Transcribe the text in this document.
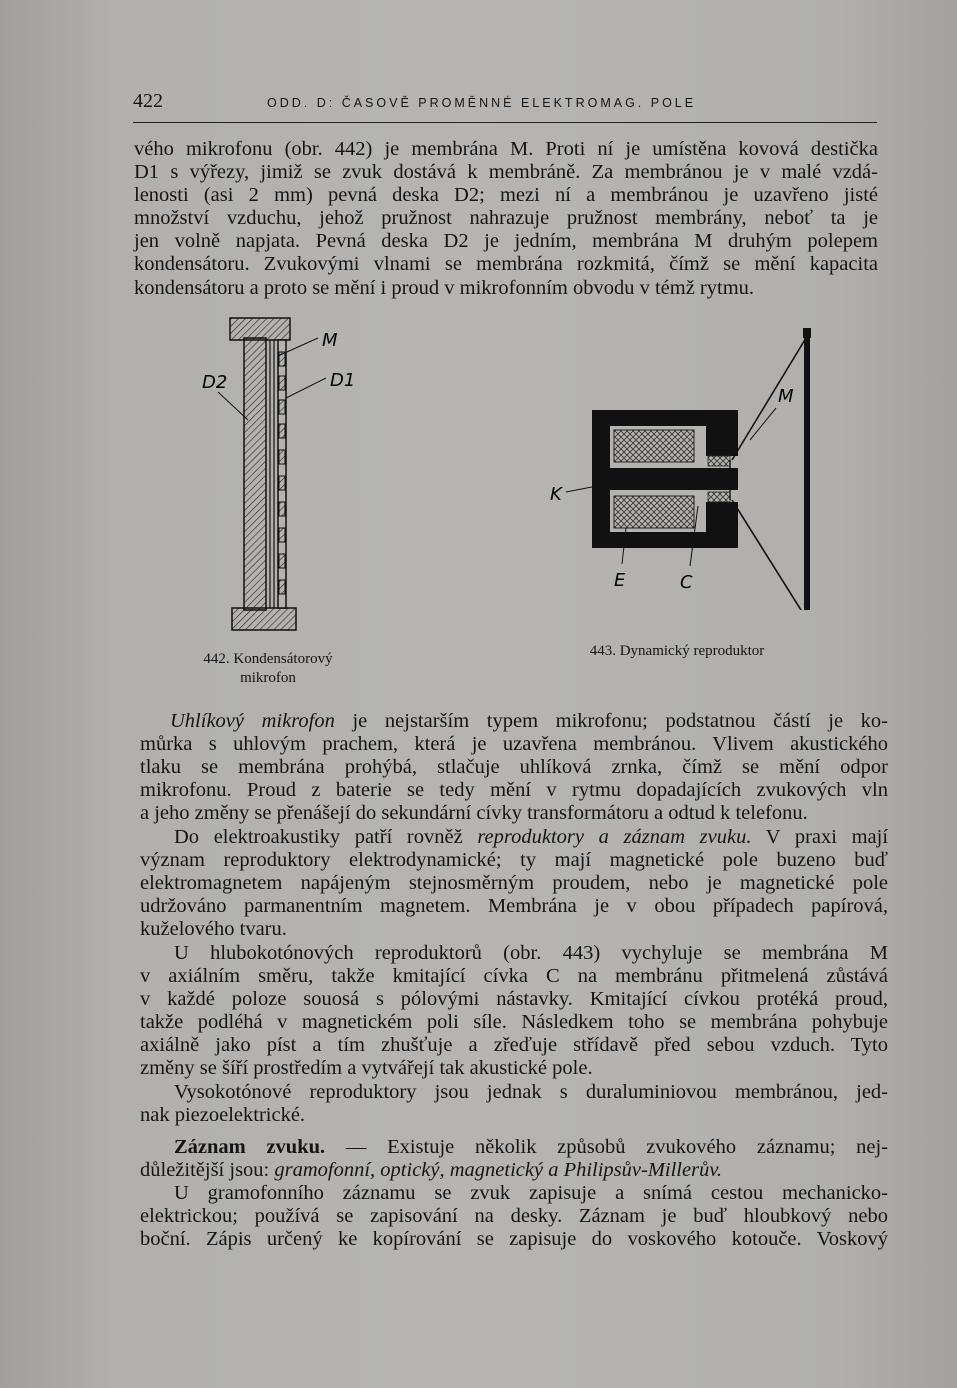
422	ODD. D: ČASOVĚ PROMĚNNÉ ELEKTROMAG. POLE
vého mikrofonu (obr. 442) je membrána M. Proti ní je umístěna kovová destička
D1 s výřezy, jimiž se zvuk dostává k membráně. Za membránou je v malé vzdá-
lenosti (asi 2 mm) pevná deska D2; mezi ní a membránou je uzavřeno jisté
množství vzduchu, jehož pružnost nahrazuje pružnost membrány, neboť ta je
jen volně napjata. Pevná deska D2 je jedním, membrána M druhým polepem
kondensátoru. Zvukovými vlnami se membrána rozkmitá, čímž se mění kapacita
kondensátoru a proto se mění i proud v mikrofonním obvodu v témž rytmu.
M
D1
D2
442. Kondensátorový
mikrofon
M
K
E	C
443. Dynamický reproduktor
Uhlíkový mikrofon je nejstarším typem mikrofonu; podstatnou částí je ko-
můrka s uhlovým prachem, která je uzavřena membránou. Vlivem akustického
tlaku se membrána prohýbá, stlačuje uhlíková zrnka, čímž se mění odpor
mikrofonu. Proud z baterie se tedy mění v rytmu dopadajících zvukových vln
a jeho změny se přenášejí do sekundární cívky transformátoru a odtud k telefonu.
Do elektroakustiky patří rovněž reproduktory a záznam zvuku. V praxi mají
význam reproduktory elektrodynamické; ty mají magnetické pole buzeno buď
elektromagnetem napájeným stejnosměrným proudem, nebo je magnetické pole
udržováno parmanentním magnetem. Membrána je v obou případech papírová,
kuželového tvaru.
U hlubokotónových reproduktorů (obr. 443) vychyluje se membrána M
v axiálním směru, takže kmitající cívka C na membránu přitmelená zůstává
v každé poloze souosá s pólovými nástavky. Kmitající cívkou protéká proud,
takže podléhá v magnetickém poli síle. Následkem toho se membrána pohybuje
axiálně jako píst a tím zhušťuje a zřeďuje střídavě před sebou vzduch. Tyto
změny se šíří prostředím a vytvářejí tak akustické pole.
Vysokotónové reproduktory jsou jednak s duraluminiovou membránou, jed-
nak piezoelektrické.
Záznam zvuku. — Existuje několik způsobů zvukového záznamu; nej-
důležitější jsou: gramofonní, optický, magnetický a Philipsův-Millerův.
U gramofonního záznamu se zvuk zapisuje a snímá cestou mechanicko-
elektrickou; používá se zapisování na desky. Záznam je buď hloubkový nebo
boční. Zápis určený ke kopírování se zapisuje do voskového kotouče. Voskový
